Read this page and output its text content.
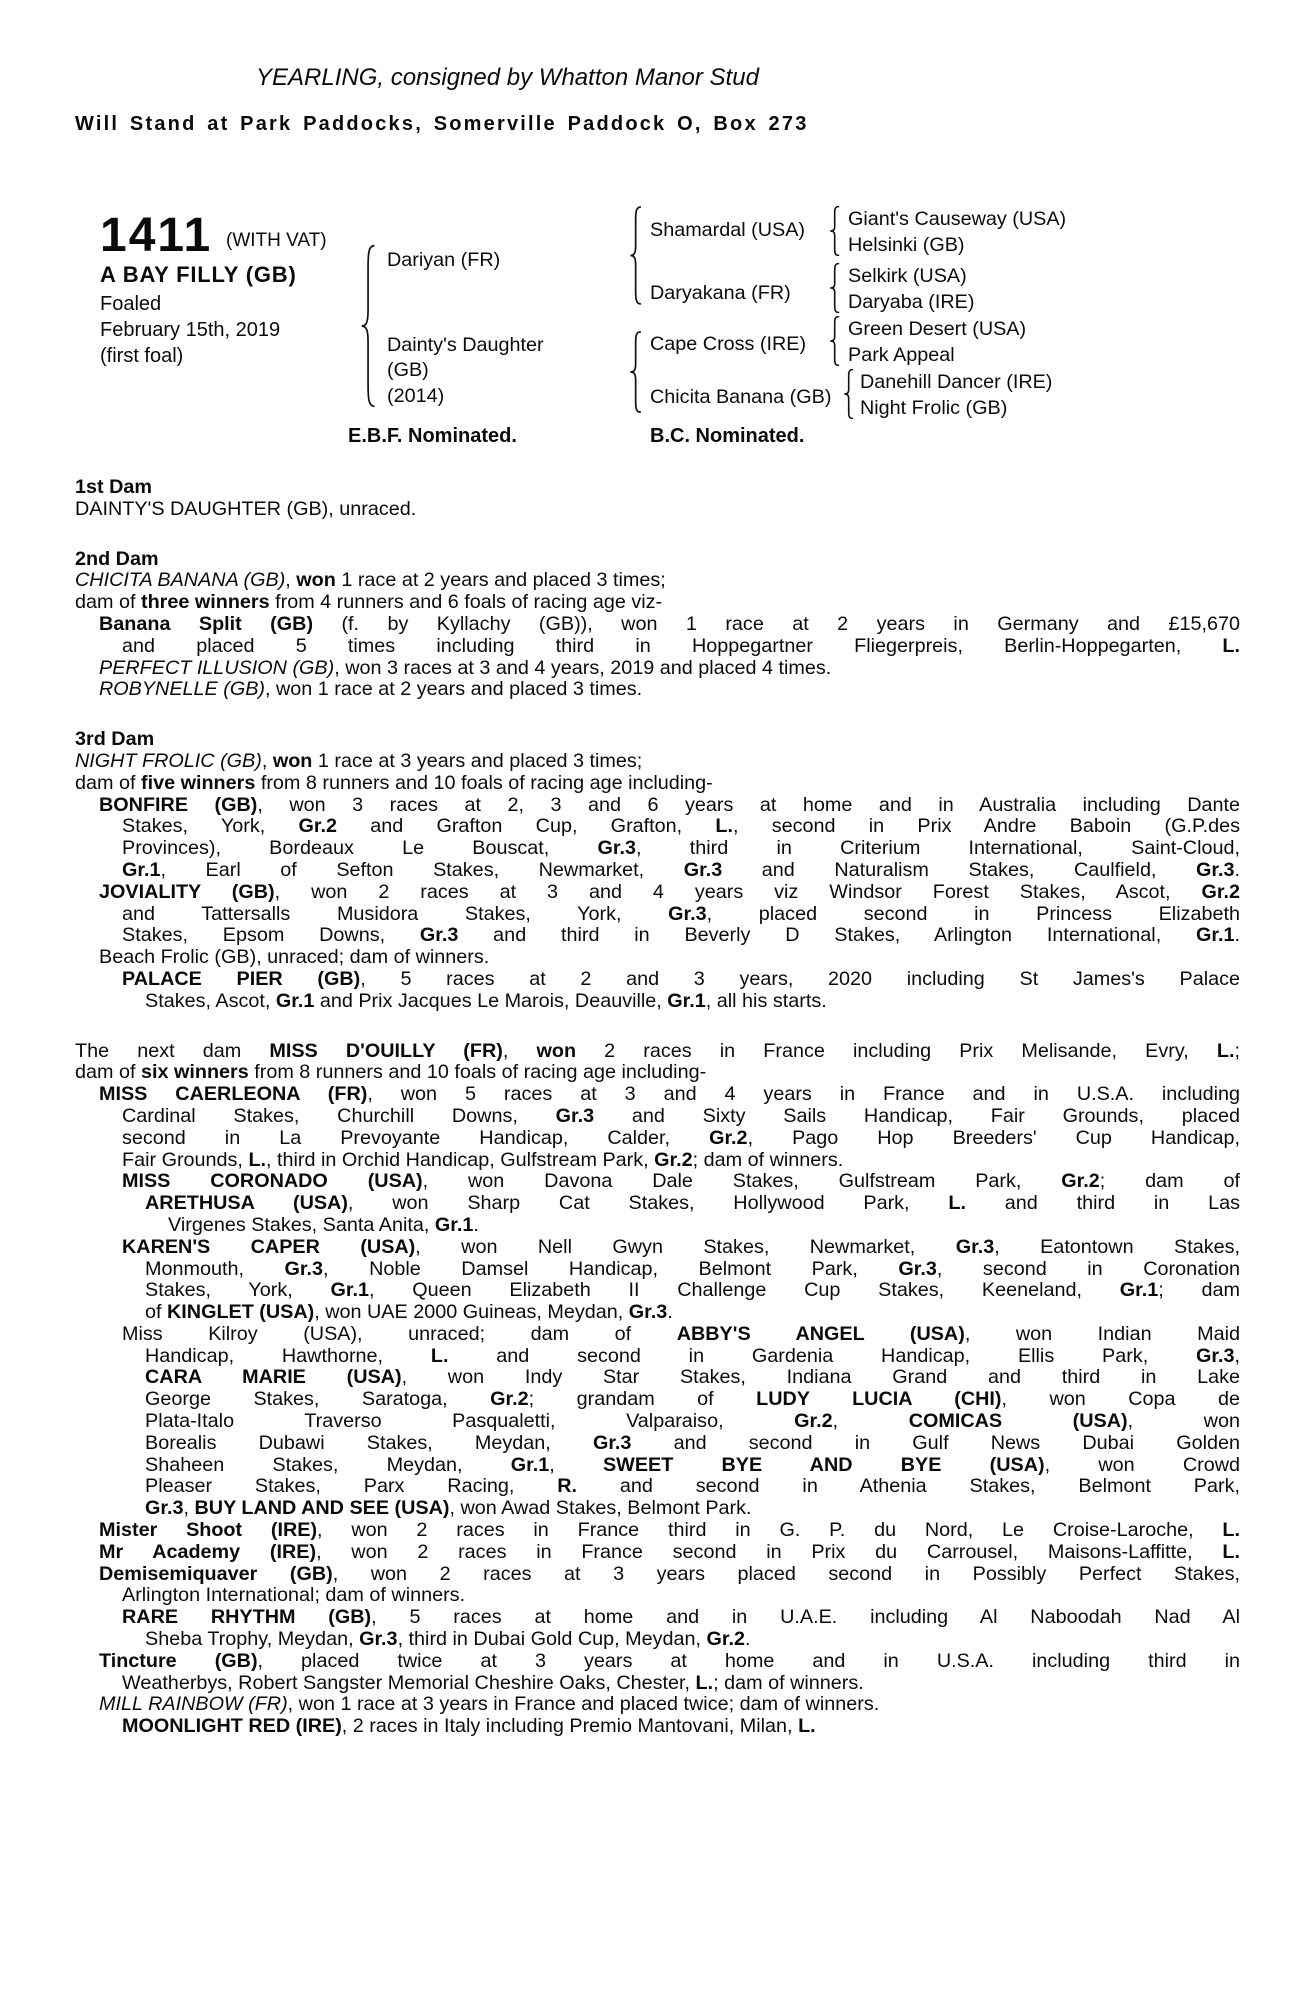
YEARLING, consigned by Whatton Manor Stud
Will Stand at Park Paddocks, Somerville Paddock O, Box 273
1411 (WITH VAT)
A BAY FILLY (GB)
Foaled
February 15th, 2019
(first foal)
Dariyan (FR)
Dainty's Daughter
(GB)
(2014)
Shamardal (USA)
Daryakana (FR)
Cape Cross (IRE)
Chicita Banana (GB)
Giant's Causeway (USA)
Helsinki (GB)
Selkirk (USA)
Daryaba (IRE)
Green Desert (USA)
Park Appeal
Danehill Dancer (IRE)
Night Frolic (GB)
E.B.F. Nominated.	B.C. Nominated.
1st Dam
DAINTY'S DAUGHTER (GB), unraced.
2nd Dam
CHICITA BANANA (GB), won 1 race at 2 years and placed 3 times;
dam of three winners from 4 runners and 6 foals of racing age viz-
Banana Split (GB) (f. by Kyllachy (GB)), won 1 race at 2 years in Germany and £15,670
and placed 5 times including third in Hoppegartner Fliegerpreis, Berlin-Hoppegarten, L.
PERFECT ILLUSION (GB), won 3 races at 3 and 4 years, 2019 and placed 4 times.
ROBYNELLE (GB), won 1 race at 2 years and placed 3 times.
3rd Dam
NIGHT FROLIC (GB), won 1 race at 3 years and placed 3 times;
dam of five winners from 8 runners and 10 foals of racing age including-
BONFIRE (GB), won 3 races at 2, 3 and 6 years at home and in Australia including Dante
Stakes, York, Gr.2 and Grafton Cup, Grafton, L., second in Prix Andre Baboin (G.P.des
Provinces), Bordeaux Le Bouscat, Gr.3, third in Criterium International, Saint-Cloud,
Gr.1, Earl of Sefton Stakes, Newmarket, Gr.3 and Naturalism Stakes, Caulfield, Gr.3.
JOVIALITY (GB), won 2 races at 3 and 4 years viz Windsor Forest Stakes, Ascot, Gr.2
and Tattersalls Musidora Stakes, York, Gr.3, placed second in Princess Elizabeth
Stakes, Epsom Downs, Gr.3 and third in Beverly D Stakes, Arlington International, Gr.1.
Beach Frolic (GB), unraced; dam of winners.
PALACE PIER (GB), 5 races at 2 and 3 years, 2020 including St James's Palace
Stakes, Ascot, Gr.1 and Prix Jacques Le Marois, Deauville, Gr.1, all his starts.
The next dam MISS D'OUILLY (FR), won 2 races in France including Prix Melisande, Evry, L.;
dam of six winners from 8 runners and 10 foals of racing age including-
MISS CAERLEONA (FR), won 5 races at 3 and 4 years in France and in U.S.A. including
Cardinal Stakes, Churchill Downs, Gr.3 and Sixty Sails Handicap, Fair Grounds, placed
second in La Prevoyante Handicap, Calder, Gr.2, Pago Hop Breeders' Cup Handicap,
Fair Grounds, L., third in Orchid Handicap, Gulfstream Park, Gr.2; dam of winners.
MISS CORONADO (USA), won Davona Dale Stakes, Gulfstream Park, Gr.2; dam of
ARETHUSA (USA), won Sharp Cat Stakes, Hollywood Park, L. and third in Las
Virgenes Stakes, Santa Anita, Gr.1.
KAREN'S CAPER (USA), won Nell Gwyn Stakes, Newmarket, Gr.3, Eatontown Stakes,
Monmouth, Gr.3, Noble Damsel Handicap, Belmont Park, Gr.3, second in Coronation
Stakes, York, Gr.1, Queen Elizabeth II Challenge Cup Stakes, Keeneland, Gr.1; dam
of KINGLET (USA), won UAE 2000 Guineas, Meydan, Gr.3.
Miss Kilroy (USA), unraced; dam of ABBY'S ANGEL (USA), won Indian Maid
Handicap, Hawthorne, L. and second in Gardenia Handicap, Ellis Park, Gr.3,
CARA MARIE (USA), won Indy Star Stakes, Indiana Grand and third in Lake
George Stakes, Saratoga, Gr.2; grandam of LUDY LUCIA (CHI), won Copa de
Plata-Italo Traverso Pasqualetti, Valparaiso, Gr.2, COMICAS (USA), won
Borealis Dubawi Stakes, Meydan, Gr.3 and second in Gulf News Dubai Golden
Shaheen Stakes, Meydan, Gr.1, SWEET BYE AND BYE (USA), won Crowd
Pleaser Stakes, Parx Racing, R. and second in Athenia Stakes, Belmont Park,
Gr.3, BUY LAND AND SEE (USA), won Awad Stakes, Belmont Park.
Mister Shoot (IRE), won 2 races in France third in G. P. du Nord, Le Croise-Laroche, L.
Mr Academy (IRE), won 2 races in France second in Prix du Carrousel, Maisons-Laffitte, L.
Demisemiquaver (GB), won 2 races at 3 years placed second in Possibly Perfect Stakes,
Arlington International; dam of winners.
RARE RHYTHM (GB), 5 races at home and in U.A.E. including Al Naboodah Nad Al
Sheba Trophy, Meydan, Gr.3, third in Dubai Gold Cup, Meydan, Gr.2.
Tincture (GB), placed twice at 3 years at home and in U.S.A. including third in
Weatherbys, Robert Sangster Memorial Cheshire Oaks, Chester, L.; dam of winners.
MILL RAINBOW (FR), won 1 race at 3 years in France and placed twice; dam of winners.
MOONLIGHT RED (IRE), 2 races in Italy including Premio Mantovani, Milan, L.
